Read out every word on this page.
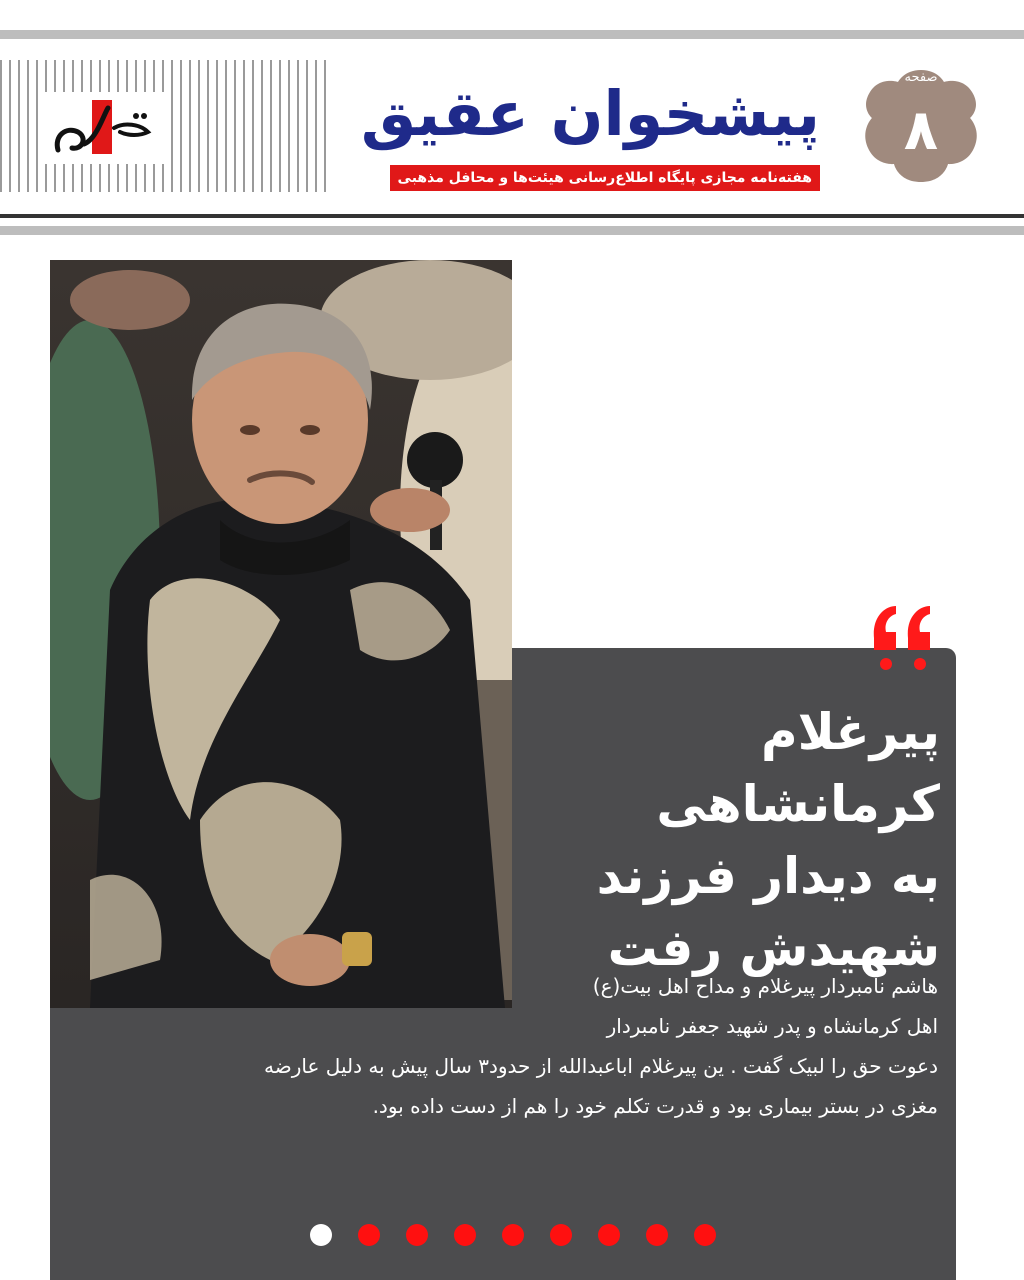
پیشخوان عقیق
هفته‌نامه مجازی پایگاه اطلاع‌رسانی هیئت‌ها و محافل مذهبی
صفحه
۸
پیرغلام کرمانشاهی
به دیدار فرزند
شهیدش رفت
هاشم نامبردار پیرغلام و مداح اهل بیت(ع)
اهل کرمانشاه و پدر شهید جعفر نامبردار
دعوت حق را لبیک گفت . ین پیرغلام اباعبدالله از حدود۳ سال پیش به دلیل عارضه
مغزی در بستر بیماری بود و قدرت تکلم خود را هم از دست داده بود.
